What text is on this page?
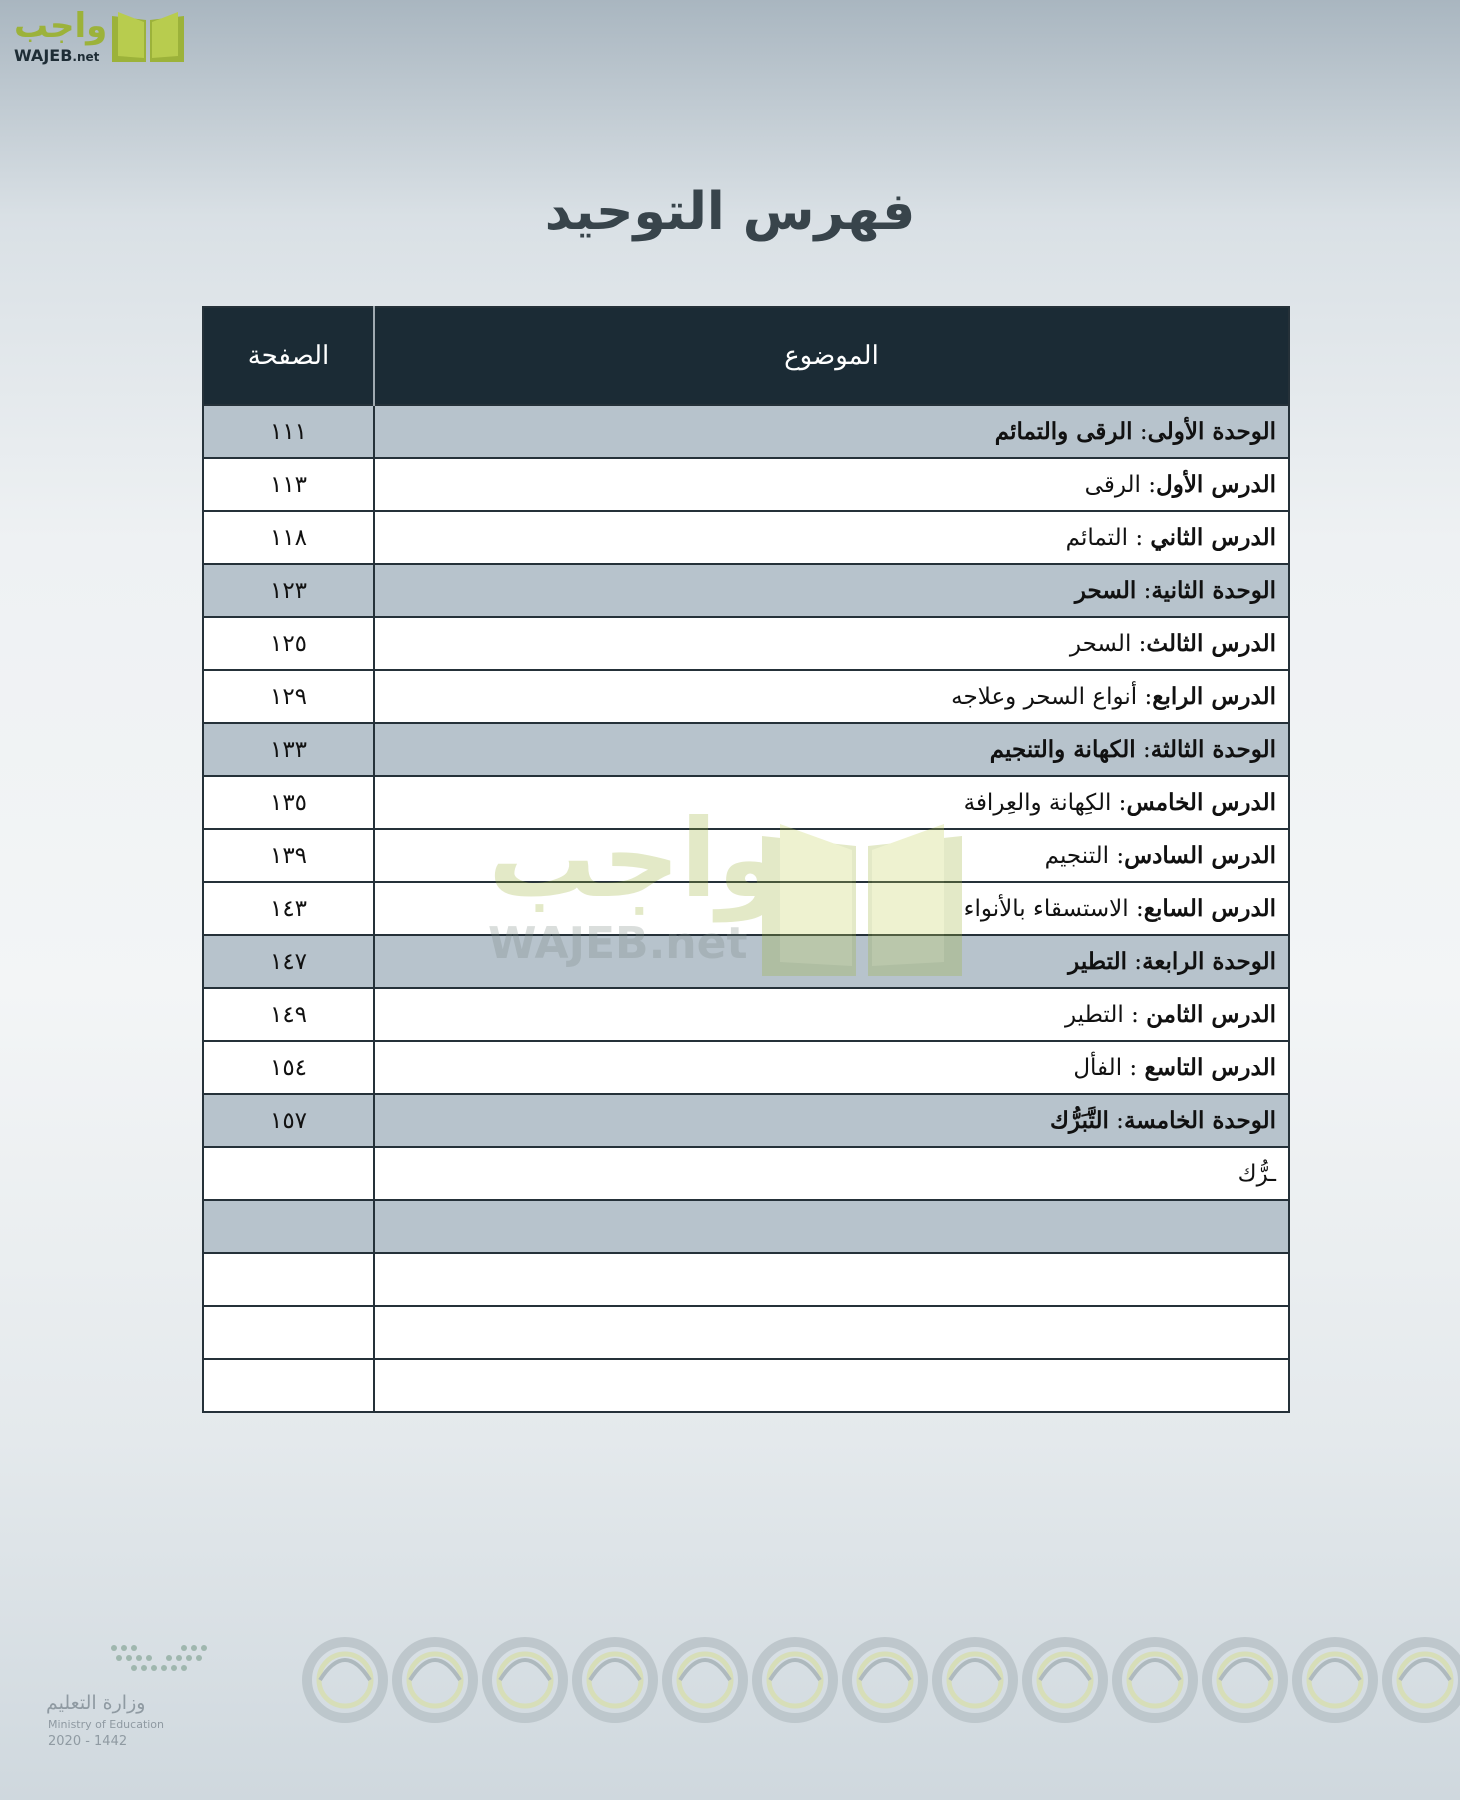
واجب
WAJEB.net
فهرس التوحيد
الموضوع	الصفحة
الوحدة الأولى: الرقى والتمائم	١١١
الدرس الأول: الرقى	١١٣
الدرس الثاني : التمائم	١١٨
الوحدة الثانية: السحر	١٢٣
الدرس الثالث: السحر	١٢٥
الدرس الرابع: أنواع السحر وعلاجه	١٢٩
الوحدة الثالثة: الكهانة والتنجيم	١٣٣
الدرس الخامس: الكِهانة والعِرافة	١٣٥
الدرس السادس: التنجيم	١٣٩
الدرس السابع: الاستسقاء بالأنواء	١٤٣
الوحدة الرابعة: التطير	١٤٧
الدرس الثامن : التطير	١٤٩
الدرس التاسع : الفأل	١٥٤
الوحدة الخامسة: التَّبَرُّك	١٥٧
ـرُّك	

واجب
WAJEB.net
وزارة التعليم
Ministry of Education
2020 - 1442
